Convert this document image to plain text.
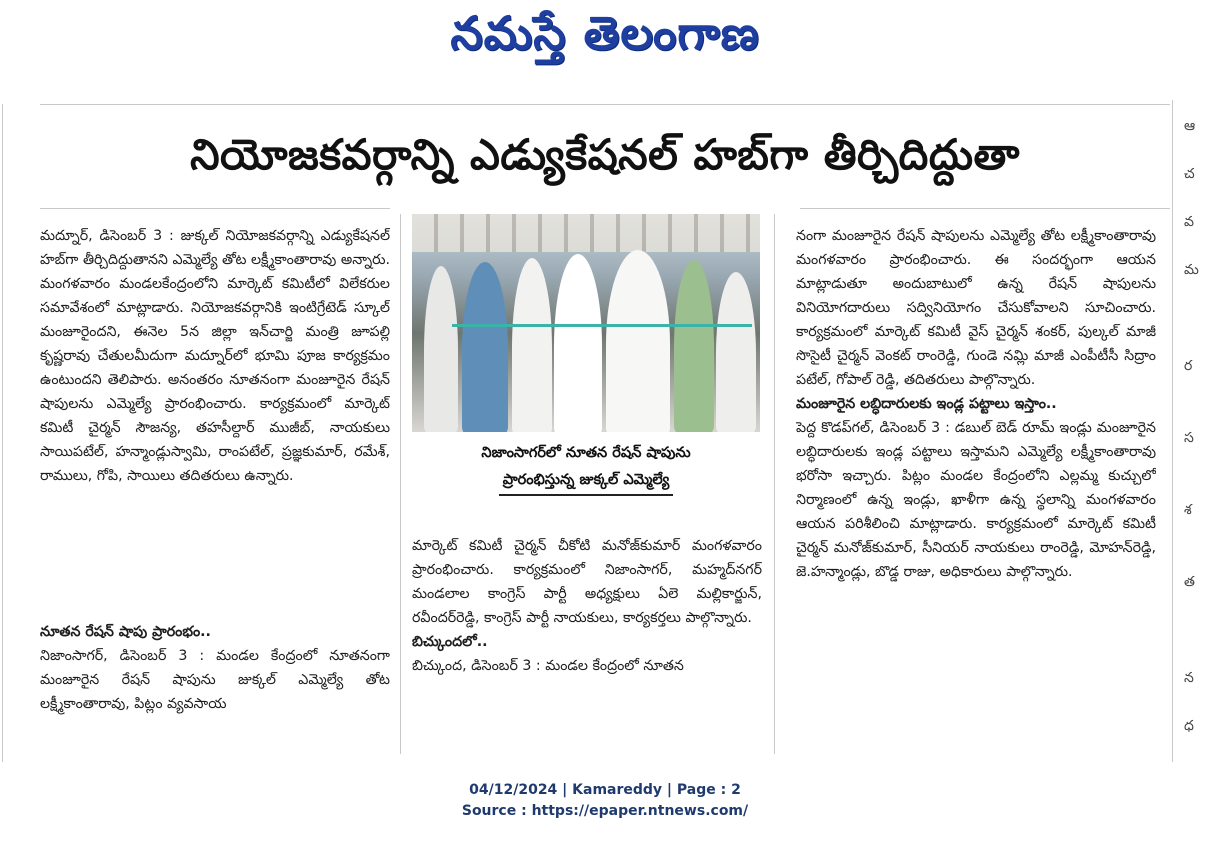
నమస్తే తెలంగాణ
నియోజకవర్గాన్ని ఎడ్యుకేషనల్ హబ్‌గా తీర్చిదిద్దుతా

మద్నూర్, డిసెంబర్ 3 : జుక్కల్ నియోజకవర్గాన్ని ఎడ్యుకేషనల్ హబ్‌గా తీర్చిదిద్దుతానని ఎమ్మెల్యే తోట లక్ష్మీకాంతారావు అన్నారు. మంగళవారం మండలకేంద్రంలోని మార్కెట్ కమిటీలో విలేకరుల సమావేశంలో మాట్లాడారు. నియోజకవర్గానికి ఇంటిగ్రేటెడ్ స్కూల్ మంజూరైందని, ఈనెల 5న జిల్లా ఇన్‌చార్జి మంత్రి జూపల్లి కృష్ణరావు చేతులమీదుగా మద్నూర్‌లో భూమి పూజ కార్యక్రమం ఉంటుందని తెలిపారు. అనంతరం నూతనంగా మంజూరైన రేషన్ షాపులను ఎమ్మెల్యే ప్రారంభించారు. కార్యక్రమంలో మార్కెట్ కమిటీ చైర్మన్ సౌజన్య, తహసీల్దార్ ముజీబ్, నాయకులు సాయిపటేల్, హన్మాండ్లుస్వామి, రాంపటేల్, ప్రజ్ఞకుమార్, రమేశ్, రాములు, గోపి, సాయిలు తదితరులు ఉన్నారు.

నూతన రేషన్ షాపు ప్రారంభం..

నిజాంసాగర్, డిసెంబర్ 3 : మండల కేంద్రంలో నూతనంగా మంజూరైన రేషన్ షాపును జుక్కల్ ఎమ్మెల్యే తోట లక్ష్మీకాంతారావు, పిట్లం వ్యవసాయ

నిజాంసాగర్‌లో నూతన రేషన్ షాపును
ప్రారంభిస్తున్న జుక్కల్ ఎమ్మెల్యే

మార్కెట్ కమిటీ చైర్మన్ చీకోటి మనోజ్‌కుమార్ మంగళవారం ప్రారంభించారు. కార్యక్రమంలో నిజాంసాగర్, మహ్మద్‌నగర్ మండలాల కాంగ్రెస్ పార్టీ అధ్యక్షులు ఏలె మల్లికార్జున్, రవీందర్‌రెడ్డి, కాంగ్రెస్ పార్టీ నాయకులు, కార్యకర్తలు పాల్గొన్నారు.

బిచ్కుందలో..

బిచ్కుంద, డిసెంబర్ 3 : మండల కేంద్రంలో నూతన

నంగా మంజూరైన రేషన్ షాపులను ఎమ్మెల్యే తోట లక్ష్మీకాంతారావు మంగళవారం ప్రారంభించారు. ఈ సందర్భంగా ఆయన మాట్లాడుతూ అందుబాటులో ఉన్న రేషన్ షాపులను వినియోగదారులు సద్వినియోగం చేసుకోవాలని సూచించారు. కార్యక్రమంలో మార్కెట్ కమిటీ వైస్ చైర్మన్ శంకర్, పుల్కల్ మాజీ సొసైటీ చైర్మన్ వెంకట్ రాంరెడ్డి, గుండె నమ్లి మాజీ ఎంపీటీసీ సిద్రాం పటేల్, గోపాల్ రెడ్డి, తదితరులు పాల్గొన్నారు.

మంజూరైన లబ్ధిదారులకు ఇండ్ల పట్టాలు ఇస్తాం..

పెద్ద కొడప్‌గల్, డిసెంబర్ 3 : డబుల్ బెడ్ రూమ్ ఇండ్లు మంజూరైన లబ్ధిదారులకు ఇండ్ల పట్టాలు ఇస్తామని ఎమ్మెల్యే లక్ష్మీకాంతారావు భరోసా ఇచ్చారు. పిట్లం మండల కేంద్రంలోని ఎల్లమ్మ కుచ్చులో నిర్మాణంలో ఉన్న ఇండ్లు, ఖాళీగా ఉన్న స్థలాన్ని మంగళవారం ఆయన పరిశీలించి మాట్లాడారు. కార్యక్రమంలో మార్కెట్ కమిటీ చైర్మన్ మనోజ్‌కుమార్, సీనియర్ నాయకులు రాంరెడ్డి, మోహన్‌రెడ్డి, జె.హన్మాండ్లు, బొడ్డ రాజు, అధికారులు పాల్గొన్నారు.

ఆ
చ
వ
మ
ర
స
శ
త
న
ధ
04/12/2024 | Kamareddy | Page : 2
Source : https://epaper.ntnews.com/
